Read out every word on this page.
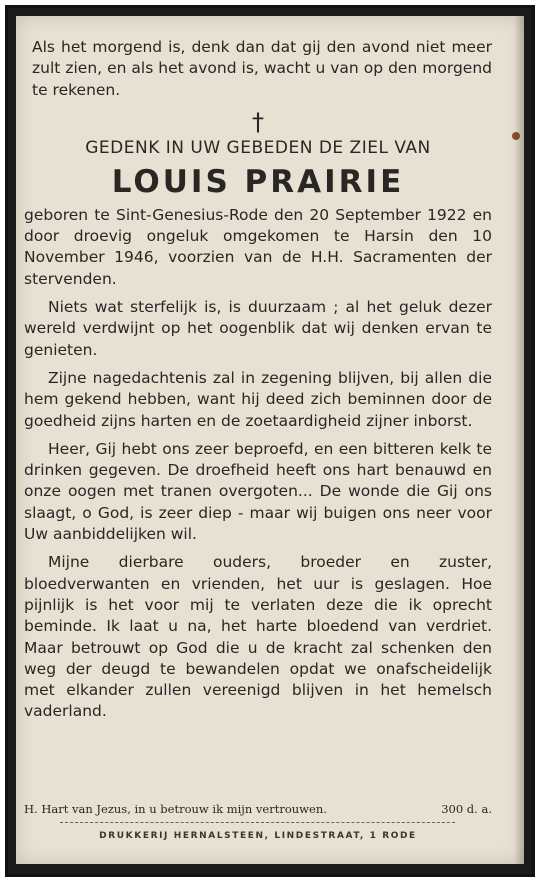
Als het morgend is, denk dan dat gij den avond niet meer zult zien, en als het avond is, wacht u van op den morgend te rekenen.

†
GEDENK IN UW GEBEDEN DE ZIEL VAN
LOUIS PRAIRIE

geboren te Sint-Genesius-Rode den 20 September 1922 en door droevig ongeluk omgekomen te Harsin den 10 November 1946, voorzien van de H.H. Sacramenten der stervenden.

Niets wat sterfelijk is, is duurzaam ; al het geluk dezer wereld verdwijnt op het oogenblik dat wij denken ervan te genieten.

Zijne nagedachtenis zal in zegening blijven, bij allen die hem gekend hebben, want hij deed zich beminnen door de goedheid zijns harten en de zoetaardigheid zijner inborst.

Heer, Gij hebt ons zeer beproefd, en een bitteren kelk te drinken gegeven. De droefheid heeft ons hart benauwd en onze oogen met tranen overgoten... De wonde die Gij ons slaagt, o God, is zeer diep - maar wij buigen ons neer voor Uw aanbiddelijken wil.

Mijne dierbare ouders, broeder en zuster, bloedverwanten en vrienden, het uur is geslagen. Hoe pijnlijk is het voor mij te verlaten deze die ik oprecht beminde. Ik laat u na, het harte bloedend van verdriet. Maar betrouwt op God die u de kracht zal schenken den weg der deugd te bewandelen opdat we onafscheidelijk met elkander zullen vereenigd blijven in het hemelsch vaderland.

H. Hart van Jezus, in u betrouw ik mijn vertrouwen.	300 d. a.
DRUKKERIJ HERNALSTEEN, LINDESTRAAT, 1 RODE
